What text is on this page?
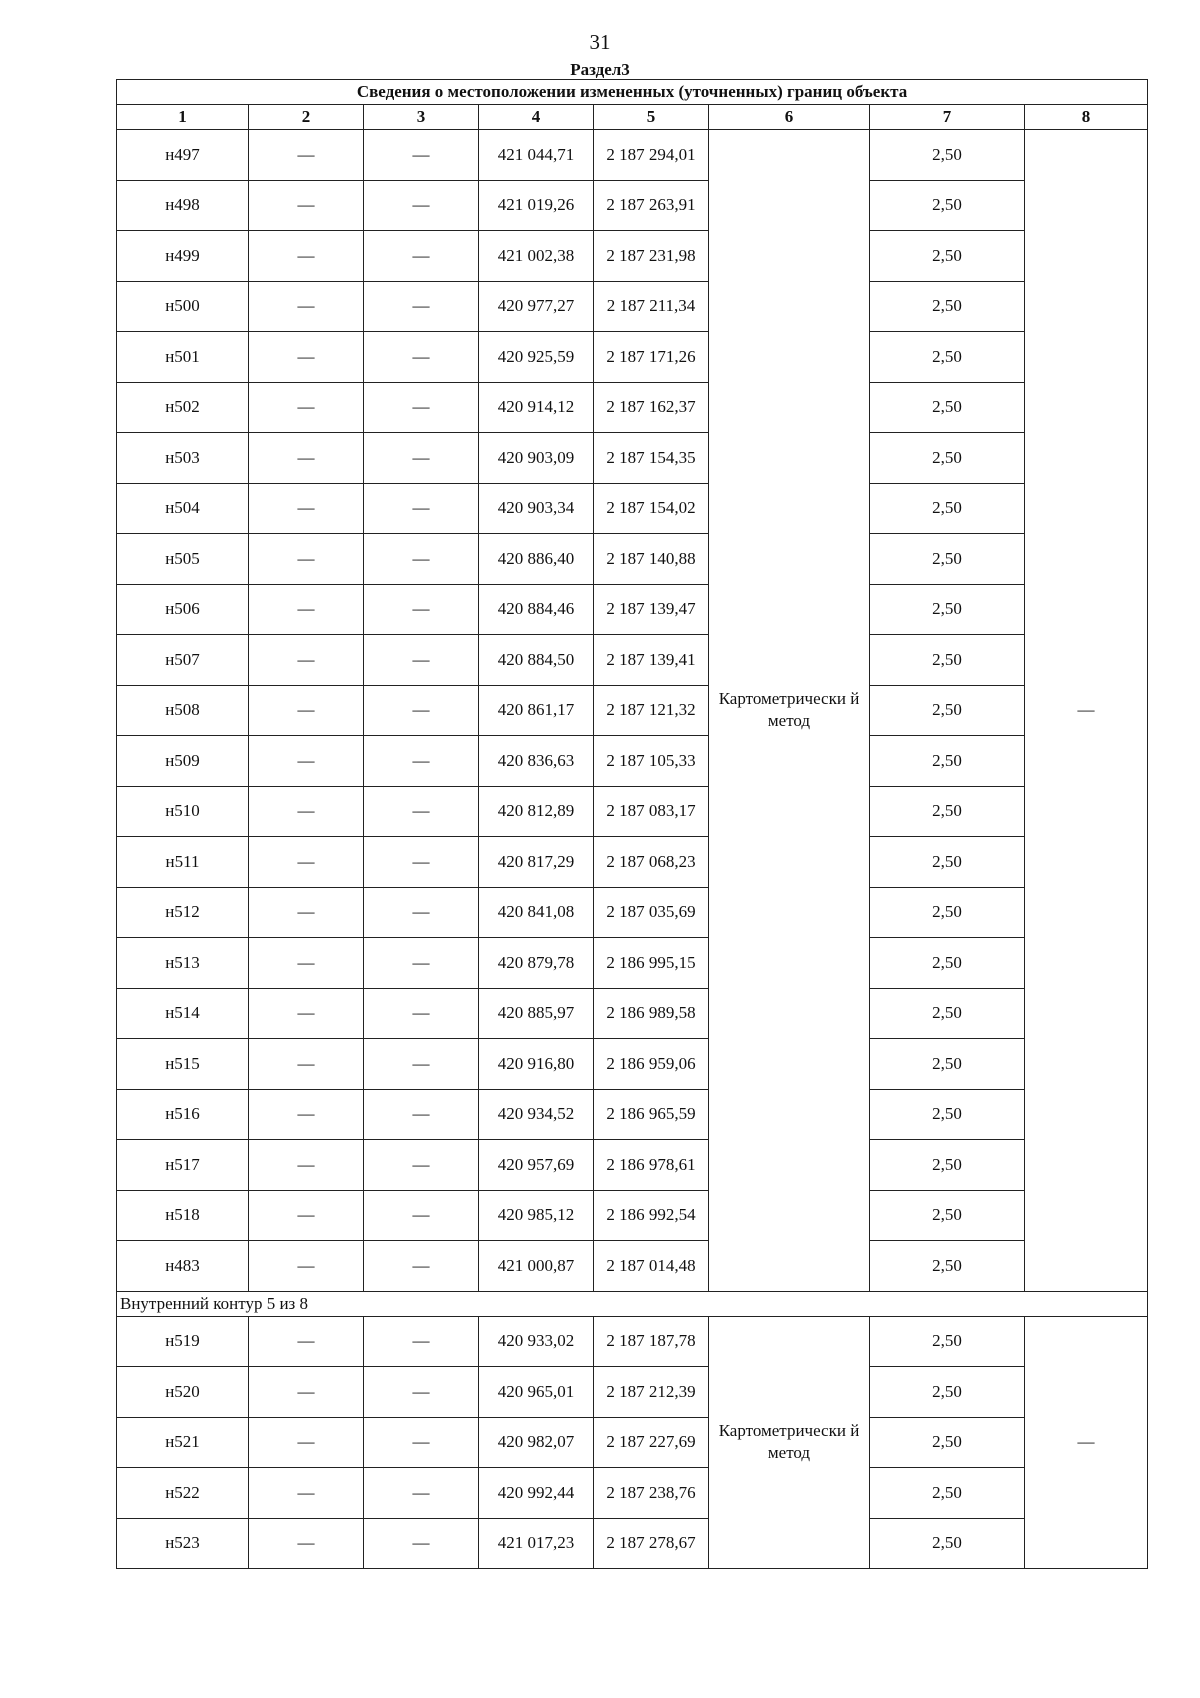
31
Раздел3
Сведения о местоположении измененных (уточненных) границ объекта							
1	2	3	4	5	6	7	8
н497	—	—	421 044,71	2 187 294,01	Картометрически й метод	2,50	—
н498	—	—	421 019,26	2 187 263,91		2,50	
н499	—	—	421 002,38	2 187 231,98		2,50	
н500	—	—	420 977,27	2 187 211,34		2,50	
н501	—	—	420 925,59	2 187 171,26		2,50	
н502	—	—	420 914,12	2 187 162,37		2,50	
н503	—	—	420 903,09	2 187 154,35		2,50	
н504	—	—	420 903,34	2 187 154,02		2,50	
н505	—	—	420 886,40	2 187 140,88		2,50	
н506	—	—	420 884,46	2 187 139,47		2,50	
н507	—	—	420 884,50	2 187 139,41		2,50	
н508	—	—	420 861,17	2 187 121,32		2,50	
н509	—	—	420 836,63	2 187 105,33		2,50	
н510	—	—	420 812,89	2 187 083,17		2,50	
н511	—	—	420 817,29	2 187 068,23		2,50	
н512	—	—	420 841,08	2 187 035,69		2,50	
н513	—	—	420 879,78	2 186 995,15		2,50	
н514	—	—	420 885,97	2 186 989,58		2,50	
н515	—	—	420 916,80	2 186 959,06		2,50	
н516	—	—	420 934,52	2 186 965,59		2,50	
н517	—	—	420 957,69	2 186 978,61		2,50	
н518	—	—	420 985,12	2 186 992,54		2,50	
н483	—	—	421 000,87	2 187 014,48		2,50	
Внутренний контур 5 из 8							
н519	—	—	420 933,02	2 187 187,78	Картометрически й метод	2,50	—
н520	—	—	420 965,01	2 187 212,39		2,50	
н521	—	—	420 982,07	2 187 227,69		2,50	
н522	—	—	420 992,44	2 187 238,76		2,50	
н523	—	—	421 017,23	2 187 278,67		2,50	
